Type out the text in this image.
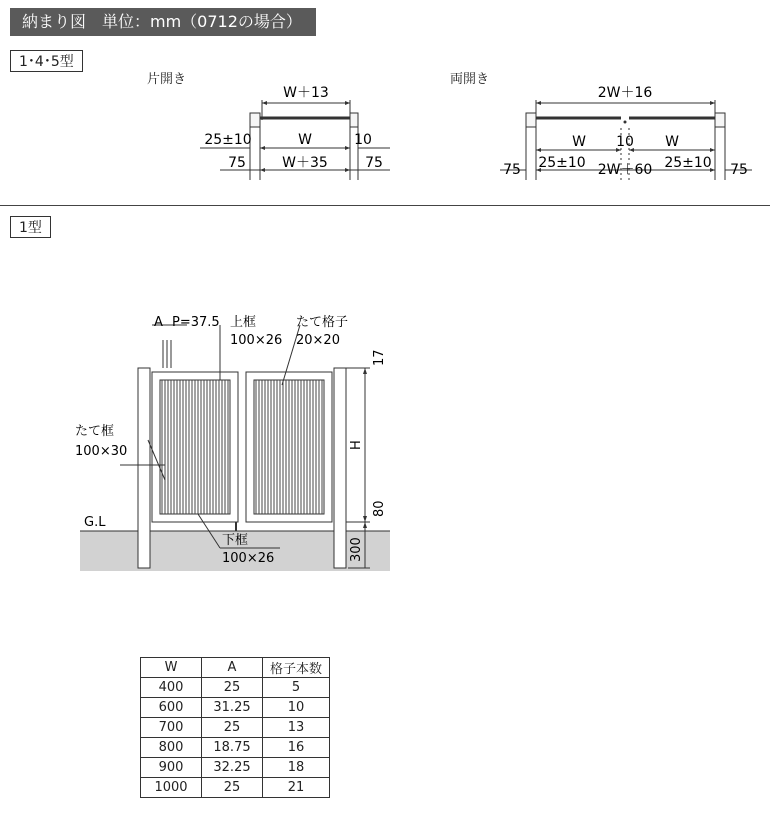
納まり図　単位：mm（0712の場合）
1･4･5型
片開き	両開き
W＋13
25±10	W	10
75	W＋35	75
2W＋16
W 10 W
75 25±10 2W＋60 25±10 75
1型
A P=37.5 上框
100×26
たて格子
20×20
たて框
100×30
G.L
下框
100×26
17
H
80
300
W	A	格子本数
400	25	5
600	31.25	10
700	25	13
800	18.75	16
900	32.25	18
1000	25	21
